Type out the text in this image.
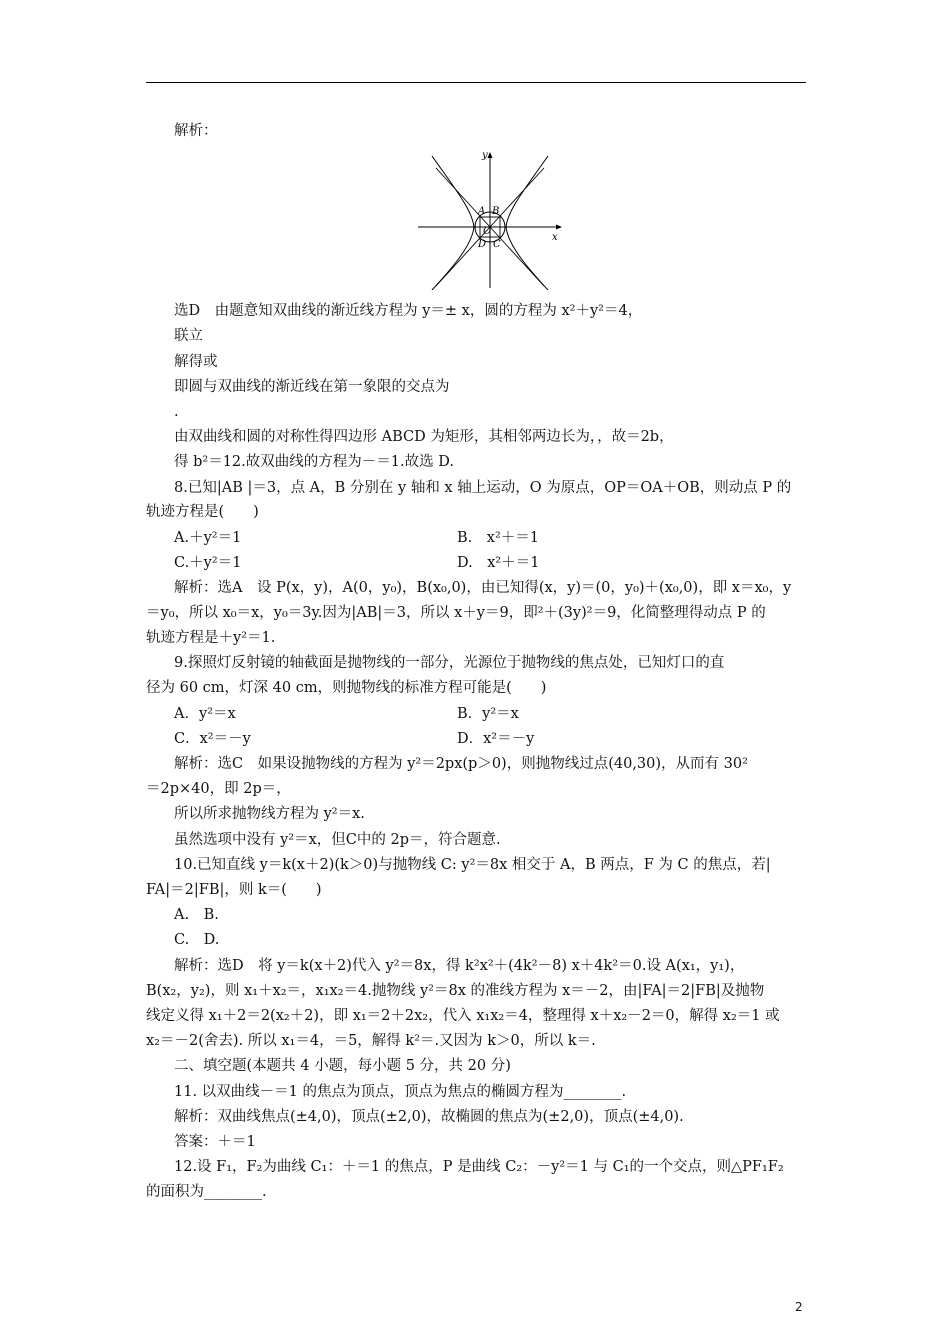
解析：
y
x
A B
O
D C
选D　由题意知双曲线的渐近线方程为 y＝± x，圆的方程为 x²＋y²＝4，
联立
解得或
即圆与双曲线的渐近线在第一象限的交点为
.
由双曲线和圆的对称性得四边形 ABCD 为矩形，其相邻两边长为，，故＝2b，
得 b²＝12.故双曲线的方程为－＝1.故选 D.
8.已知|AB |＝3，点 A，B 分别在 y 轴和 x 轴上运动，O 为原点，OP＝OA＋OB，则动点 P 的
轨迹方程是(　　)
A.＋y²＝1	B.　x²＋＝1
C.＋y²＝1	D.　x²＋＝1
解析：选A　设 P(x，y)，A(0，y₀)，B(x₀,0)，由已知得(x，y)＝(0，y₀)＋(x₀,0)，即 x＝x₀，y
＝y₀，所以 x₀＝x，y₀＝3y.因为|AB|＝3，所以 x＋y＝9，即²＋(3y)²＝9，化简整理得动点 P 的
轨迹方程是＋y²＝1.
9.探照灯反射镜的轴截面是抛物线的一部分，光源位于抛物线的焦点处，已知灯口的直
径为 60 cm，灯深 40 cm，则抛物线的标准方程可能是(　　)
A．y²＝x	B．y²＝x
C．x²＝－y	D．x²＝－y
解析：选C　如果设抛物线的方程为 y²＝2px(p＞0)，则抛物线过点(40,30)，从而有 30²
＝2p×40，即 2p＝，
所以所求抛物线方程为 y²＝x.
虽然选项中没有 y²＝x，但C中的 2p＝，符合题意.
10.已知直线 y＝k(x＋2)(k＞0)与抛物线 C: y²＝8x 相交于 A，B 两点，F 为 C 的焦点，若|
FA|＝2|FB|，则 k＝(　　)
A.　B.
C.　D.
解析：选D　将 y＝k(x＋2)代入 y²＝8x，得 k²x²＋(4k²－8) x＋4k²＝0.设 A(x₁，y₁)，
B(x₂，y₂)，则 x₁＋x₂＝，x₁x₂＝4.抛物线 y²＝8x 的准线方程为 x＝－2，由|FA|＝2|FB|及抛物
线定义得 x₁＋2＝2(x₂＋2)，即 x₁＝2＋2x₂，代入 x₁x₂＝4，整理得 x＋x₂－2＝0，解得 x₂＝1 或
x₂＝－2(舍去). 所以 x₁＝4，＝5，解得 k²＝.又因为 k＞0，所以 k＝.
二、填空题(本题共 4 小题，每小题 5 分，共 20 分)
11. 以双曲线－＝1 的焦点为顶点，顶点为焦点的椭圆方程为________.
解析：双曲线焦点(±4,0)，顶点(±2,0)，故椭圆的焦点为(±2,0)，顶点(±4,0).
答案：＋＝1
12.设 F₁，F₂为曲线 C₁：＋＝1 的焦点，P 是曲线 C₂：－y²＝1 与 C₁的一个交点，则△PF₁F₂
的面积为________.
2
